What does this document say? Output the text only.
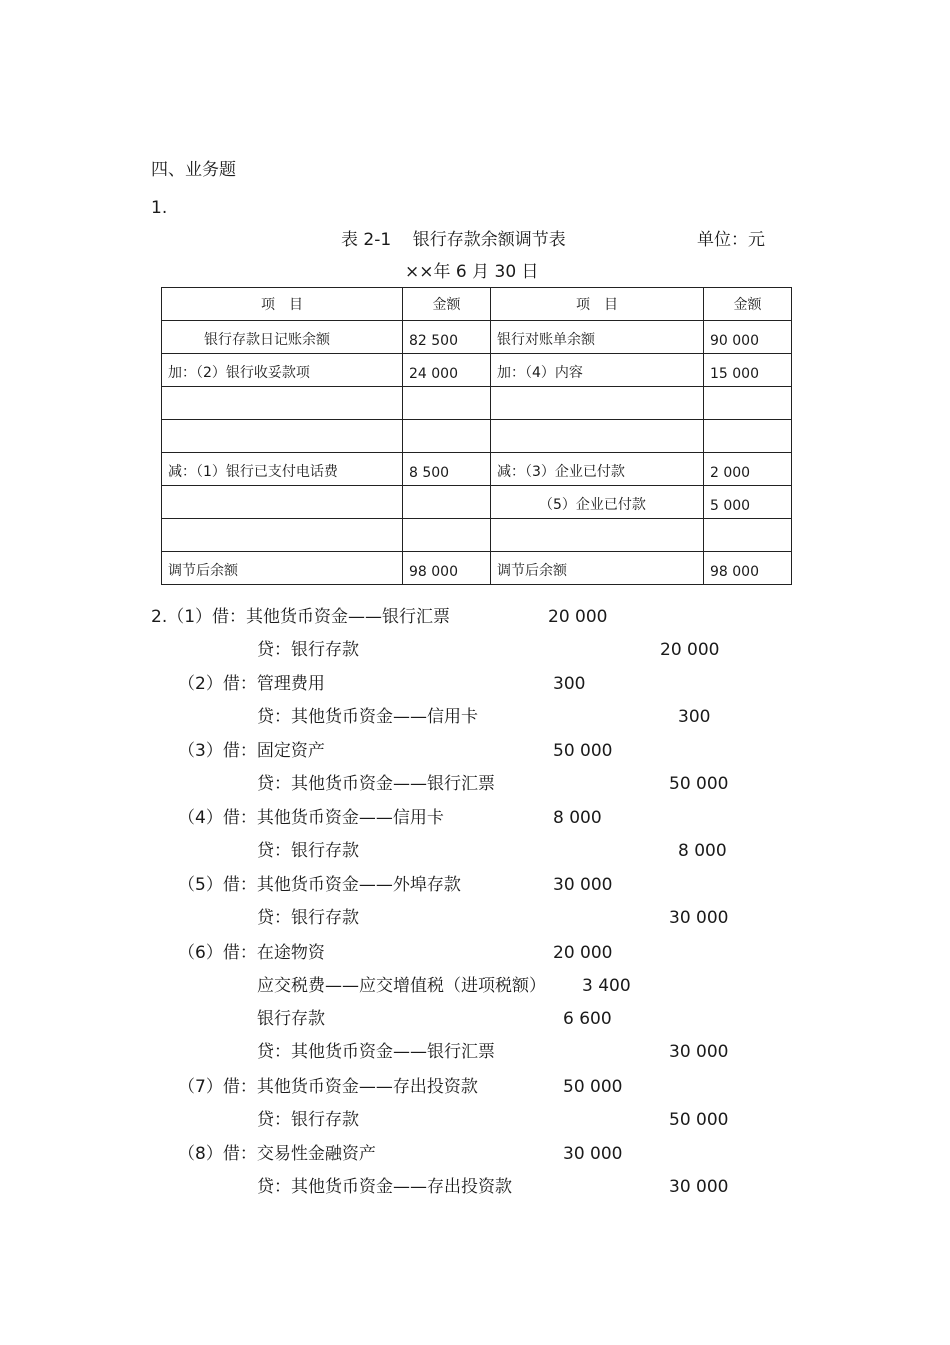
四、业务题
1.
表 2-1    银行存款余额调节表	单位：元
××年 6 月 30 日
项　目	金额	项　目	金额
银行存款日记账余额	82 500	银行对账单余额	90 000
加：（2）银行收妥款项	24 000	加：（4）内容	15 000

减：（1）银行已支付电话费	8 500	减：（3）企业已付款	2 000
		（5）企业已付款	5 000

调节后余额	98 000	调节后余额	98 000
2.（1）借：其他货币资金——银行汇票	20 000
贷：银行存款	20 000
（2）借：管理费用	300
贷：其他货币资金——信用卡	300
（3）借：固定资产	50 000
贷：其他货币资金——银行汇票	50 000
（4）借：其他货币资金——信用卡	8 000
贷：银行存款	8 000
（5）借：其他货币资金——外埠存款	30 000
贷：银行存款	30 000
（6）借：在途物资	20 000
应交税费——应交增值税（进项税额） 3 400
银行存款	6 600
贷：其他货币资金——银行汇票	30 000
（7）借：其他货币资金——存出投资款	50 000
贷：银行存款	50 000
（8）借：交易性金融资产	30 000
贷：其他货币资金——存出投资款	30 000
